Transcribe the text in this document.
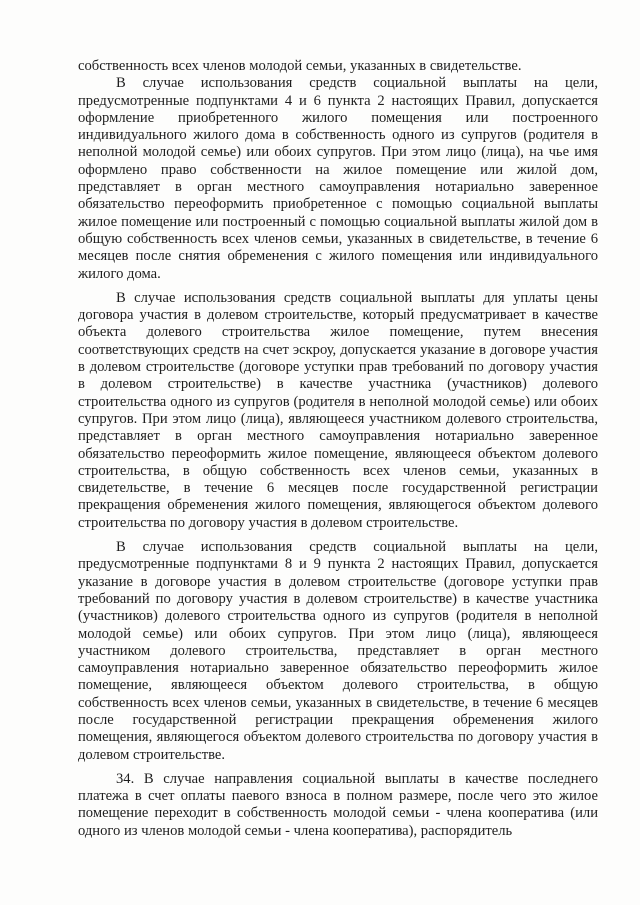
собственность всех членов молодой семьи, указанных в свидетельстве.

В случае использования средств социальной выплаты на цели, предусмотренные подпунктами 4 и 6 пункта 2 настоящих Правил, допускается оформление приобретенного жилого помещения или построенного индивидуального жилого дома в собственность одного из супругов (родителя в неполной молодой семье) или обоих супругов. При этом лицо (лица), на чье имя оформлено право собственности на жилое помещение или жилой дом, представляет в орган местного самоуправления нотариально заверенное обязательство переоформить приобретенное с помощью социальной выплаты жилое помещение или построенный с помощью социальной выплаты жилой дом в общую собственность всех членов семьи, указанных в свидетельстве, в течение 6 месяцев после снятия обременения с жилого помещения или индивидуального жилого дома.

В случае использования средств социальной выплаты для уплаты цены договора участия в долевом строительстве, который предусматривает в качестве объекта долевого строительства жилое помещение, путем внесения соответствующих средств на счет эскроу, допускается указание в договоре участия в долевом строительстве (договоре уступки прав требований по договору участия в долевом строительстве) в качестве участника (участников) долевого строительства одного из супругов (родителя в неполной молодой семье) или обоих супругов. При этом лицо (лица), являющееся участником долевого строительства, представляет в орган местного самоуправления нотариально заверенное обязательство переоформить жилое помещение, являющееся объектом долевого строительства, в общую собственность всех членов семьи, указанных в свидетельстве, в течение 6 месяцев после государственной регистрации прекращения обременения жилого помещения, являющегося объектом долевого строительства по договору участия в долевом строительстве.

В случае использования средств социальной выплаты на цели, предусмотренные подпунктами 8 и 9 пункта 2 настоящих Правил, допускается указание в договоре участия в долевом строительстве (договоре уступки прав требований по договору участия в долевом строительстве) в качестве участника (участников) долевого строительства одного из супругов (родителя в неполной молодой семье) или обоих супругов. При этом лицо (лица), являющееся участником долевого строительства, представляет в орган местного самоуправления нотариально заверенное обязательство переоформить жилое помещение, являющееся объектом долевого строительства, в общую собственность всех членов семьи, указанных в свидетельстве, в течение 6 месяцев после государственной регистрации прекращения обременения жилого помещения, являющегося объектом долевого строительства по договору участия в долевом строительстве.

34. В случае направления социальной выплаты в качестве последнего платежа в счет оплаты паевого взноса в полном размере, после чего это жилое помещение переходит в собственность молодой семьи - члена кооператива (или одного из членов молодой семьи - члена кооператива), распорядитель
